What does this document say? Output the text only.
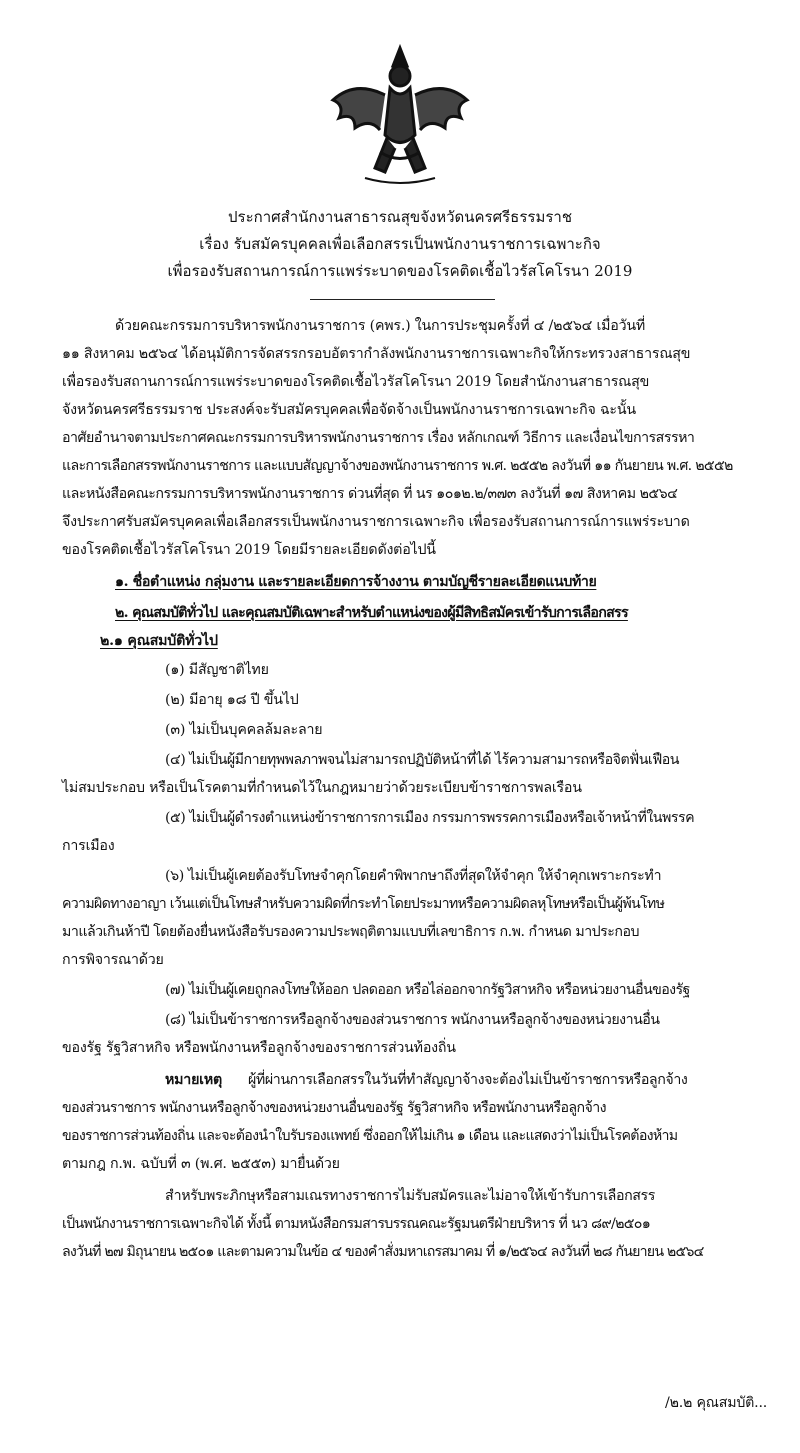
ประกาศสำนักงานสาธารณสุขจังหวัดนครศรีธรรมราช
เรื่อง รับสมัครบุคคลเพื่อเลือกสรรเป็นพนักงานราชการเฉพาะกิจ
เพื่อรองรับสถานการณ์การแพร่ระบาดของโรคติดเชื้อไวรัสโคโรนา 2019
ด้วยคณะกรรมการบริหารพนักงานราชการ (คพร.) ในการประชุมครั้งที่ ๔ /๒๕๖๔ เมื่อวันที่
๑๑ สิงหาคม ๒๕๖๔ ได้อนุมัติการจัดสรรกรอบอัตรากำลังพนักงานราชการเฉพาะกิจให้กระทรวงสาธารณสุข
เพื่อรองรับสถานการณ์การแพร่ระบาดของโรคติดเชื้อไวรัสโคโรนา 2019 โดยสำนักงานสาธารณสุข
จังหวัดนครศรีธรรมราช ประสงค์จะรับสมัครบุคคลเพื่อจัดจ้างเป็นพนักงานราชการเฉพาะกิจ ฉะนั้น
อาศัยอำนาจตามประกาศคณะกรรมการบริหารพนักงานราชการ เรื่อง หลักเกณฑ์ วิธีการ และเงื่อนไขการสรรหา
และการเลือกสรรพนักงานราชการ และแบบสัญญาจ้างของพนักงานราชการ พ.ศ. ๒๕๕๒ ลงวันที่ ๑๑ กันยายน พ.ศ. ๒๕๕๒
และหนังสือคณะกรรมการบริหารพนักงานราชการ ด่วนที่สุด ที่ นร ๑๐๑๒.๒/๓๗๓ ลงวันที่ ๑๗ สิงหาคม ๒๕๖๔
จึงประกาศรับสมัครบุคคลเพื่อเลือกสรรเป็นพนักงานราชการเฉพาะกิจ เพื่อรองรับสถานการณ์การแพร่ระบาด
ของโรคติดเชื้อไวรัสโคโรนา 2019 โดยมีรายละเอียดดังต่อไปนี้
๑. ชื่อตำแหน่ง กลุ่มงาน และรายละเอียดการจ้างงาน ตามบัญชีรายละเอียดแนบท้าย
๒. คุณสมบัติทั่วไป และคุณสมบัติเฉพาะสำหรับตำแหน่งของผู้มีสิทธิสมัครเข้ารับการเลือกสรร
๒.๑ คุณสมบัติทั่วไป
(๑) มีสัญชาติไทย
(๒) มีอายุ ๑๘ ปี ขึ้นไป
(๓) ไม่เป็นบุคคลล้มละลาย
(๔) ไม่เป็นผู้มีกายทุพพลภาพจนไม่สามารถปฏิบัติหน้าที่ได้ ไร้ความสามารถหรือจิตฟั่นเฟือน
ไม่สมประกอบ หรือเป็นโรคตามที่กำหนดไว้ในกฎหมายว่าด้วยระเบียบข้าราชการพลเรือน
(๕) ไม่เป็นผู้ดำรงตำแหน่งข้าราชการการเมือง กรรมการพรรคการเมืองหรือเจ้าหน้าที่ในพรรค
การเมือง
(๖) ไม่เป็นผู้เคยต้องรับโทษจำคุกโดยคำพิพากษาถึงที่สุดให้จำคุก ให้จำคุกเพราะกระทำ
ความผิดทางอาญา เว้นแต่เป็นโทษสำหรับความผิดที่กระทำโดยประมาทหรือความผิดลหุโทษหรือเป็นผู้พ้นโทษ
มาแล้วเกินห้าปี โดยต้องยื่นหนังสือรับรองความประพฤติตามแบบที่เลขาธิการ ก.พ. กำหนด มาประกอบ
การพิจารณาด้วย
(๗) ไม่เป็นผู้เคยถูกลงโทษให้ออก ปลดออก หรือไล่ออกจากรัฐวิสาหกิจ หรือหน่วยงานอื่นของรัฐ
(๘) ไม่เป็นข้าราชการหรือลูกจ้างของส่วนราชการ พนักงานหรือลูกจ้างของหน่วยงานอื่น
ของรัฐ รัฐวิสาหกิจ หรือพนักงานหรือลูกจ้างของราชการส่วนท้องถิ่น
หมายเหตุ ผู้ที่ผ่านการเลือกสรรในวันที่ทำสัญญาจ้างจะต้องไม่เป็นข้าราชการหรือลูกจ้าง
ของส่วนราชการ พนักงานหรือลูกจ้างของหน่วยงานอื่นของรัฐ รัฐวิสาหกิจ หรือพนักงานหรือลูกจ้าง
ของราชการส่วนท้องถิ่น และจะต้องนำใบรับรองแพทย์ ซึ่งออกให้ไม่เกิน ๑ เดือน และแสดงว่าไม่เป็นโรคต้องห้าม
ตามกฎ ก.พ. ฉบับที่ ๓ (พ.ศ. ๒๕๕๓) มายื่นด้วย
สำหรับพระภิกษุหรือสามเณรทางราชการไม่รับสมัครและไม่อาจให้เข้ารับการเลือกสรร
เป็นพนักงานราชการเฉพาะกิจได้ ทั้งนี้ ตามหนังสือกรมสารบรรณคณะรัฐมนตรีฝ่ายบริหาร ที่ นว ๘๙/๒๕๐๑
ลงวันที่ ๒๗ มิถุนายน ๒๕๐๑ และตามความในข้อ ๔ ของคำสั่งมหาเถรสมาคม ที่ ๑/๒๕๖๔ ลงวันที่ ๒๘ กันยายน ๒๕๖๔
/๒.๒ คุณสมบัติ...
